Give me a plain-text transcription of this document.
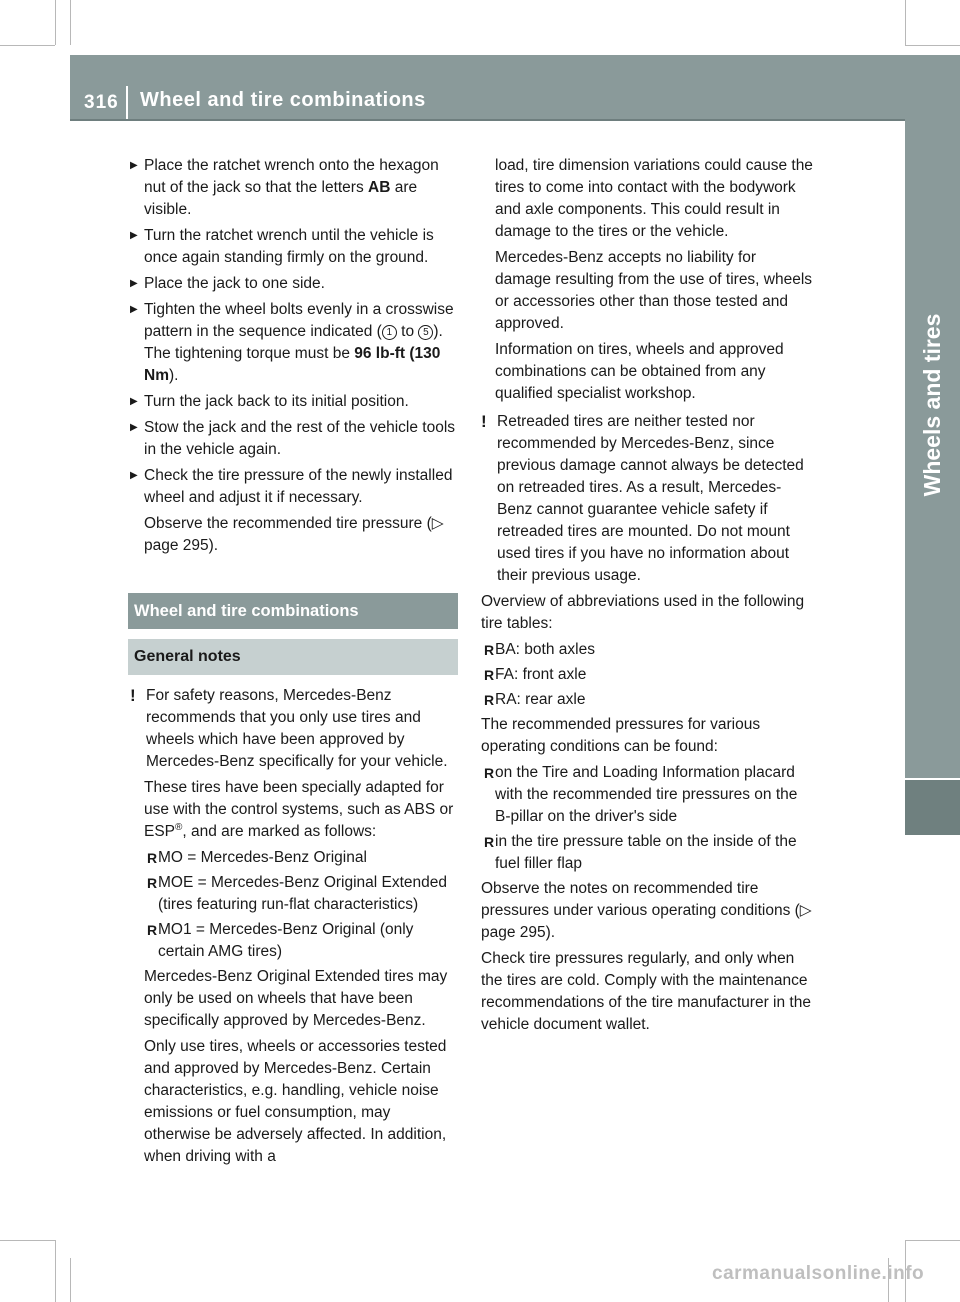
316 Wheel and tire combinations
Wheels and tires
▶ Place the ratchet wrench onto the hexagon nut of the jack so that the letters AB are visible.
▶ Turn the ratchet wrench until the vehicle is once again standing firmly on the ground.
▶ Place the jack to one side.
▶ Tighten the wheel bolts evenly in a crosswise pattern in the sequence indicated ( 1 to 5 ). The tightening torque must be 96 lb-ft (130 Nm).
▶ Turn the jack back to its initial position.
▶ Stow the jack and the rest of the vehicle tools in the vehicle again.
▶ Check the tire pressure of the newly installed wheel and adjust it if necessary.
Observe the recommended tire pressure (▷ page 295).
Wheel and tire combinations
General notes
! For safety reasons, Mercedes-Benz recommends that you only use tires and wheels which have been approved by Mercedes-Benz specifically for your vehicle.
These tires have been specially adapted for use with the control systems, such as ABS or ESP®, and are marked as follows:
R MO = Mercedes-Benz Original
R MOE = Mercedes-Benz Original Extended (tires featuring run-flat characteristics)
R MO1 = Mercedes-Benz Original (only certain AMG tires)
Mercedes-Benz Original Extended tires may only be used on wheels that have been specifically approved by Mercedes-Benz.
Only use tires, wheels or accessories tested and approved by Mercedes-Benz. Certain characteristics, e.g. handling, vehicle noise emissions or fuel consumption, may otherwise be adversely affected. In addition, when driving with a
load, tire dimension variations could cause the tires to come into contact with the bodywork and axle components. This could result in damage to the tires or the vehicle.
Mercedes-Benz accepts no liability for damage resulting from the use of tires, wheels or accessories other than those tested and approved.
Information on tires, wheels and approved combinations can be obtained from any qualified specialist workshop.
! Retreaded tires are neither tested nor recommended by Mercedes-Benz, since previous damage cannot always be detected on retreaded tires. As a result, Mercedes-Benz cannot guarantee vehicle safety if retreaded tires are mounted. Do not mount used tires if you have no information about their previous usage.
Overview of abbreviations used in the following tire tables:
R BA: both axles
R FA: front axle
R RA: rear axle
The recommended pressures for various operating conditions can be found:
R on the Tire and Loading Information placard with the recommended tire pressures on the B-pillar on the driver's side
R in the tire pressure table on the inside of the fuel filler flap
Observe the notes on recommended tire pressures under various operating conditions (▷ page 295).
Check tire pressures regularly, and only when the tires are cold. Comply with the maintenance recommendations of the tire manufacturer in the vehicle document wallet.
carmanualsonline.info
